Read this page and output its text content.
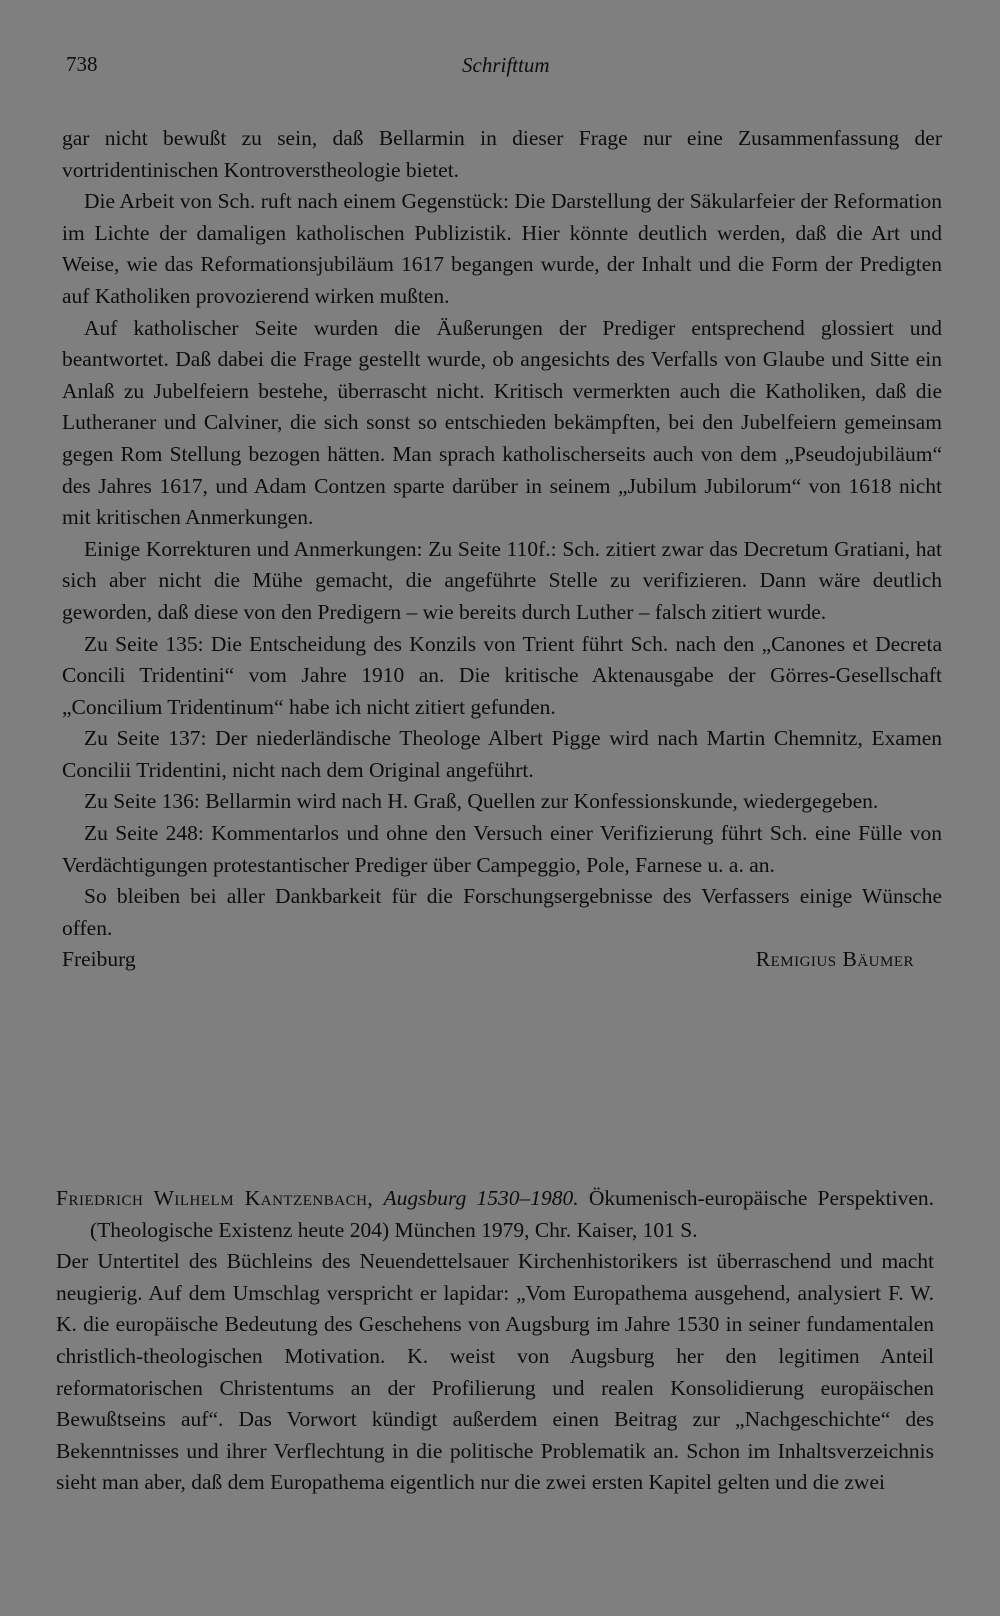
738	Schrifttum

gar nicht bewußt zu sein, daß Bellarmin in dieser Frage nur eine Zusammenfassung der vortridentinischen Kontroverstheologie bietet.

Die Arbeit von Sch. ruft nach einem Gegenstück: Die Darstellung der Säkularfeier der Reformation im Lichte der damaligen katholischen Publizistik. Hier könnte deutlich werden, daß die Art und Weise, wie das Reformationsjubiläum 1617 begangen wurde, der Inhalt und die Form der Predigten auf Katholiken provozierend wirken mußten.

Auf katholischer Seite wurden die Äußerungen der Prediger entsprechend glossiert und beantwortet. Daß dabei die Frage gestellt wurde, ob angesichts des Verfalls von Glaube und Sitte ein Anlaß zu Jubelfeiern bestehe, überrascht nicht. Kritisch vermerkten auch die Katholiken, daß die Lutheraner und Calviner, die sich sonst so entschieden bekämpften, bei den Jubelfeiern gemeinsam gegen Rom Stellung bezogen hätten. Man sprach katholischerseits auch von dem „Pseudojubiläum“ des Jahres 1617, und Adam Contzen sparte darüber in seinem „Jubilum Jubilorum“ von 1618 nicht mit kritischen Anmerkungen.

Einige Korrekturen und Anmerkungen: Zu Seite 110f.: Sch. zitiert zwar das Decretum Gratiani, hat sich aber nicht die Mühe gemacht, die angeführte Stelle zu verifizieren. Dann wäre deutlich geworden, daß diese von den Predigern – wie bereits durch Luther – falsch zitiert wurde.

Zu Seite 135: Die Entscheidung des Konzils von Trient führt Sch. nach den „Canones et Decreta Concili Tridentini“ vom Jahre 1910 an. Die kritische Aktenausgabe der Görres-Gesellschaft „Concilium Tridentinum“ habe ich nicht zitiert gefunden.

Zu Seite 137: Der niederländische Theologe Albert Pigge wird nach Martin Chemnitz, Examen Concilii Tridentini, nicht nach dem Original angeführt.

Zu Seite 136: Bellarmin wird nach H. Graß, Quellen zur Konfessionskunde, wiedergegeben.

Zu Seite 248: Kommentarlos und ohne den Versuch einer Verifizierung führt Sch. eine Fülle von Verdächtigungen protestantischer Prediger über Campeggio, Pole, Farnese u. a. an.

So bleiben bei aller Dankbarkeit für die Forschungsergebnisse des Verfassers einige Wünsche offen.

Freiburg	Remigius Bäumer

Friedrich Wilhelm Kantzenbach, Augsburg 1530–1980. Ökumenisch-europäische Perspektiven. (Theologische Existenz heute 204) München 1979, Chr. Kaiser, 101 S.

Der Untertitel des Büchleins des Neuendettelsauer Kirchenhistorikers ist überraschend und macht neugierig. Auf dem Umschlag verspricht er lapidar: „Vom Europathema ausgehend, analysiert F. W. K. die europäische Bedeutung des Geschehens von Augsburg im Jahre 1530 in seiner fundamentalen christlich-theologischen Motivation. K. weist von Augsburg her den legitimen Anteil reformatorischen Christentums an der Profilierung und realen Konsolidierung europäischen Bewußtseins auf“. Das Vorwort kündigt außerdem einen Beitrag zur „Nachgeschichte“ des Bekenntnisses und ihrer Verflechtung in die politische Problematik an. Schon im Inhaltsverzeichnis sieht man aber, daß dem Europathema eigentlich nur die zwei ersten Kapitel gelten und die zwei
